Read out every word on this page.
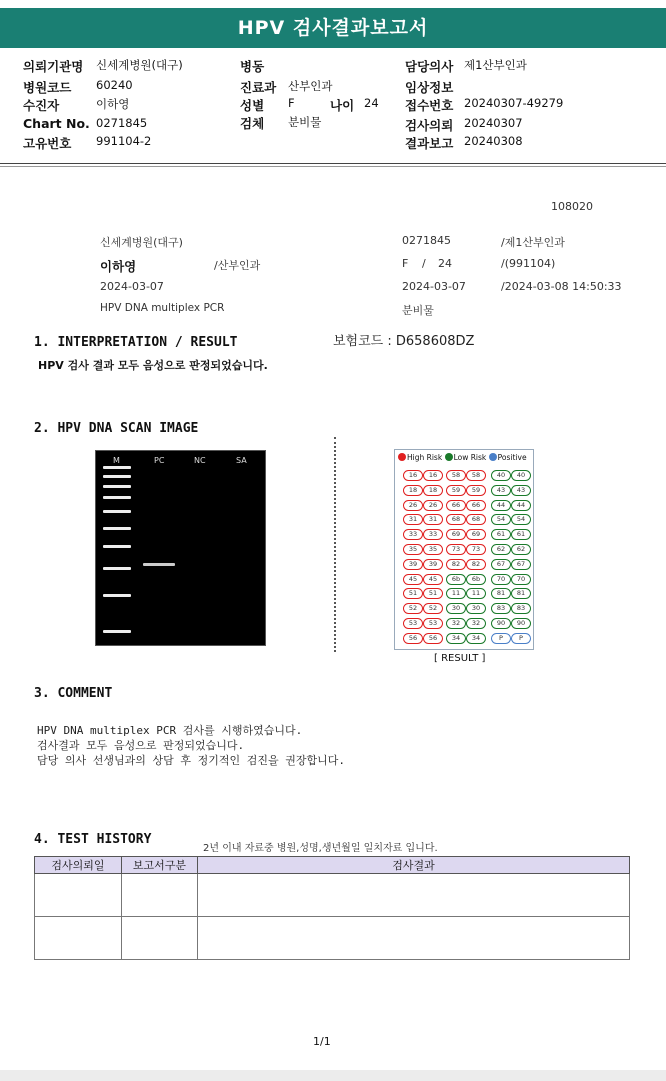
HPV 검사결과보고서
의뢰기관명 신세계병원(대구)
병원코드 60240
수진자	이하영
Chart No. 0271845
고유번호 991104-2
병동
진료과 산부인과
성별 F	나이 24
검체 분비물
담당의사 제1산부인과
임상정보
접수번호 20240307-49279
검사의뢰 20240307
결과보고 20240308
108020
신세계병원(대구)	0271845	/제1산부인과
이하영	/산부인과	F / 24	/(991104)
2024-03-07	2024-03-07	/2024-03-08 14:50:33
HPV DNA multiplex PCR	분비물
보험코드 : D658608DZ
1. INTERPRETATION / RESULT
HPV 검사 결과 모두 음성으로 판정되었습니다.
2. HPV DNA SCAN IMAGE
M	PC	NC	SA	High Risk Low Risk Positive
16	16	58	58	40	40
18	18	59	59	43	43
26	26	66	66	44	44
31	31	68	68	54	54
33	33	69	69	61	61
35	35	73	73	62	62
39	39	82	82	67	67
45	45	6b	6b	70	70
51	51	11	11	81	81
52	52	30	30	83	83
53	53	32	32	90	90
56	56	34	34	P	P
[ RESULT ]
3. COMMENT
HPV DNA multiplex PCR 검사를 시행하였습니다.
검사결과 모두 음성으로 판정되었습니다.
담당 의사 선생님과의 상담 후 정기적인 검진을 권장합니다.
4. TEST HISTORY
2년 이내 자료중 병원,성명,생년월일 일치자료 입니다.
검사의뢰일	보고서구분	검사결과

1/1
